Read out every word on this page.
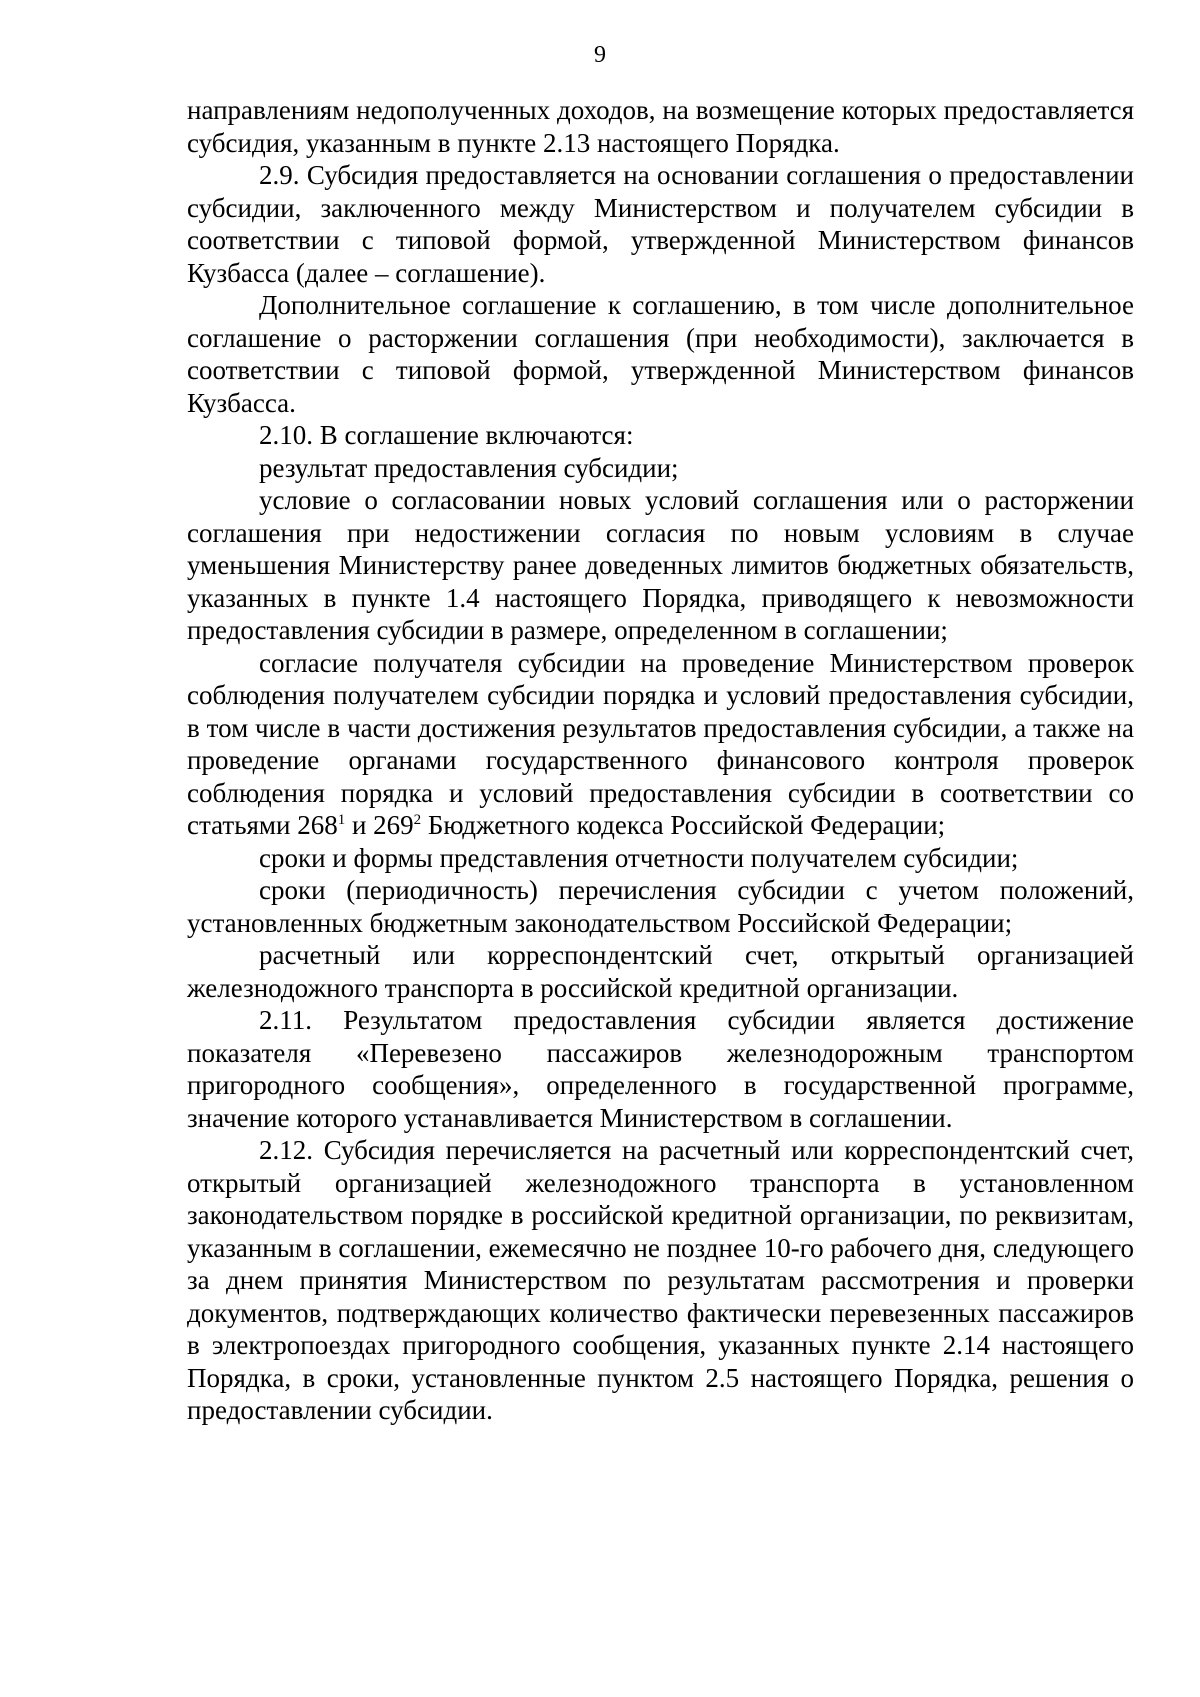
9

направлениям недополученных доходов, на возмещение которых предоставляется субсидия, указанным в пункте 2.13 настоящего Порядка.

2.9. Субсидия предоставляется на основании соглашения о предоставлении субсидии, заключенного между Министерством и получателем субсидии в соответствии с типовой формой, утвержденной Министерством финансов Кузбасса (далее – соглашение).

Дополнительное соглашение к соглашению, в том числе дополнительное соглашение о расторжении соглашения (при необходимости), заключается в соответствии с типовой формой, утвержденной Министерством финансов Кузбасса.

2.10. В соглашение включаются:

результат предоставления субсидии;

условие о согласовании новых условий соглашения или о расторжении соглашения при недостижении согласия по новым условиям в случае уменьшения Министерству ранее доведенных лимитов бюджетных обязательств, указанных в пункте 1.4 настоящего Порядка, приводящего к невозможности предоставления субсидии в размере, определенном в соглашении;

согласие получателя субсидии на проведение Министерством проверок соблюдения получателем субсидии порядка и условий предоставления субсидии, в том числе в части достижения результатов предоставления субсидии, а также на проведение органами государственного финансового контроля проверок соблюдения порядка и условий предоставления субсидии в соответствии со статьями $268^1$ и $269^2$ Бюджетного кодекса Российской Федерации;

сроки и формы представления отчетности получателем субсидии;

сроки (периодичность) перечисления субсидии с учетом положений, установленных бюджетным законодательством Российской Федерации;

расчетный или корреспондентский счет, открытый организацией железнодожного транспорта в российской кредитной организации.

2.11. Результатом предоставления субсидии является достижение показателя «Перевезено пассажиров железнодорожным транспортом пригородного сообщения», определенного в государственной программе, значение которого устанавливается Министерством в соглашении.

2.12. Субсидия перечисляется на расчетный или корреспондентский счет, открытый организацией железнодожного транспорта в установленном законодательством порядке в российской кредитной организации, по реквизитам, указанным в соглашении, ежемесячно не позднее 10-го рабочего дня, следующего за днем принятия Министерством по результатам рассмотрения и проверки документов, подтверждающих количество фактически перевезенных пассажиров в электропоездах пригородного сообщения, указанных пункте 2.14 настоящего Порядка, в сроки, установленные пунктом 2.5 настоящего Порядка, решения о предоставлении субсидии.
